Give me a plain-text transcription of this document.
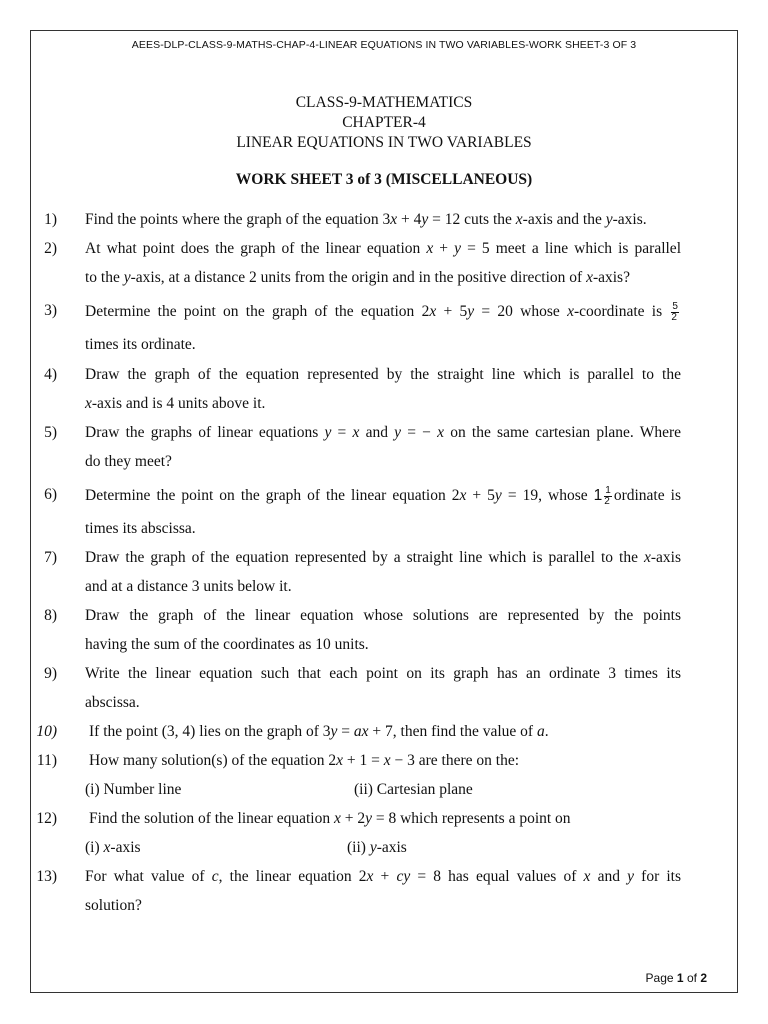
AEES-DLP-CLASS-9-MATHS-CHAP-4-LINEAR EQUATIONS IN TWO VARIABLES-WORK SHEET-3 OF 3
CLASS-9-MATHEMATICS
CHAPTER-4
LINEAR EQUATIONS IN TWO VARIABLES
WORK SHEET 3 of 3 (MISCELLANEOUS)
1) Find the points where the graph of the equation 3x + 4y = 12 cuts the x-axis and the y-axis.
2) At what point does the graph of the linear equation x + y = 5 meet a line which is parallel
to the y-axis, at a distance 2 units from the origin and in the positive direction of x-axis?
3) Determine the point on the graph of the equation 2x + 5y = 20 whose x-coordinate is $\frac{5}{2}$
times its ordinate.
4) Draw the graph of the equation represented by the straight line which is parallel to the
x-axis and is 4 units above it.
5) Draw the graphs of linear equations y = x and y = − x on the same cartesian plane. Where
do they meet?
6) Determine the point on the graph of the linear equation 2x + 5y = 19, whose $1 \frac{1}{2}$ ordinate is
times its abscissa.
7) Draw the graph of the equation represented by a straight line which is parallel to the x-axis
and at a distance 3 units below it.
8) Draw the graph of the linear equation whose solutions are represented by the points
having the sum of the coordinates as 10 units.
9) Write the linear equation such that each point on its graph has an ordinate 3 times its
abscissa.
10) If the point (3, 4) lies on the graph of 3y = ax + 7, then find the value of a.
11) How many solution(s) of the equation 2x + 1 = x − 3 are there on the:
(i) Number line	(ii) Cartesian plane
12) Find the solution of the linear equation x + 2y = 8 which represents a point on
(i) x-axis	(ii) y-axis
13) For what value of c, the linear equation 2x + cy = 8 has equal values of x and y for its
solution?
Page 1 of 2
